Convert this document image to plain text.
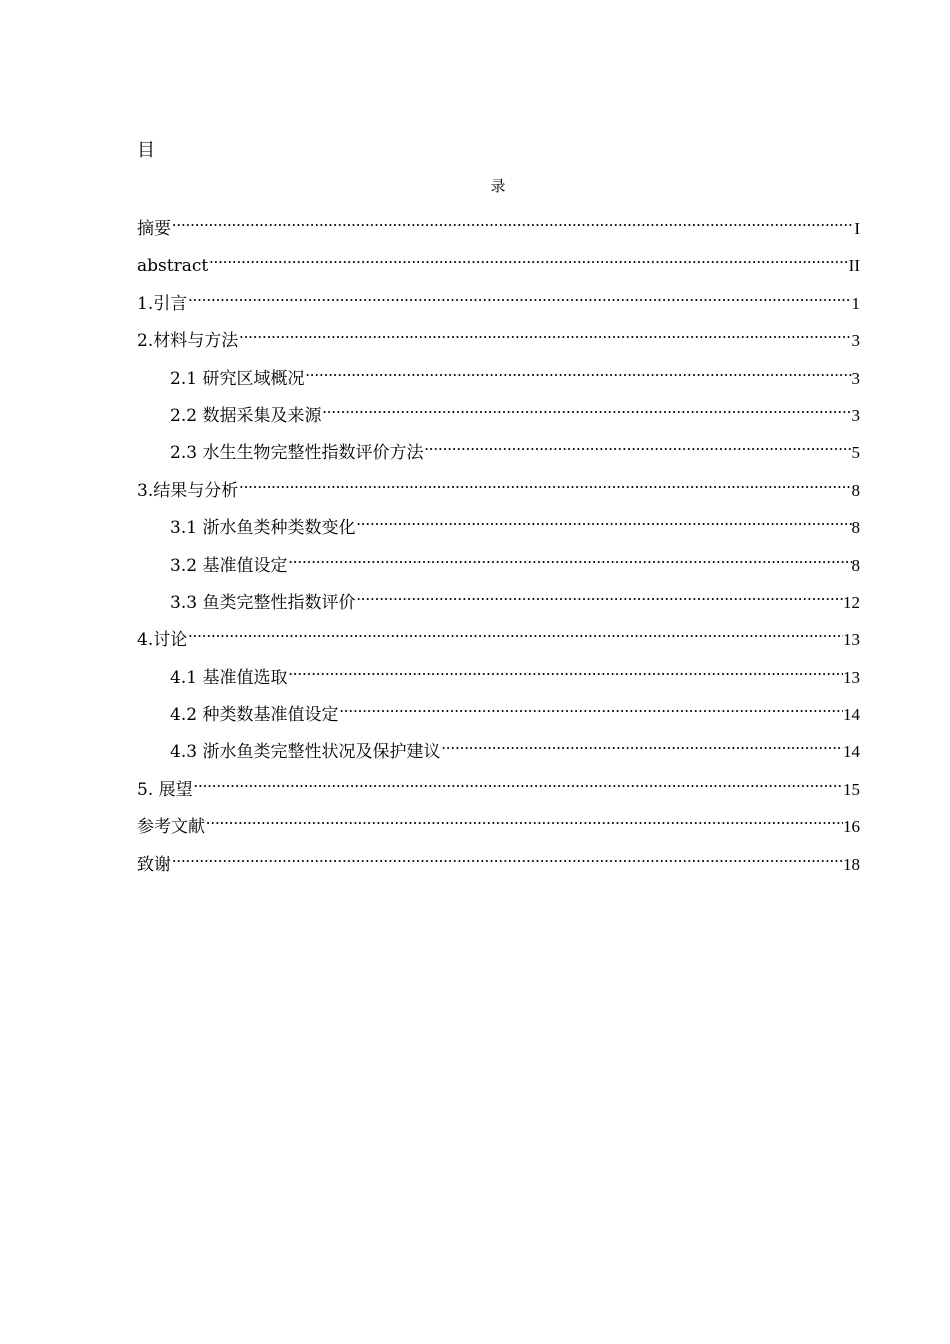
目
录
摘要 .....	I
abstract .....	II
1.引言 .....	1
2.材料与方法 .....	3
2.1 研究区域概况 .....	3
2.2 数据采集及来源 .....	3
2.3 水生生物完整性指数评价方法 .....	5
3.结果与分析 .....	8
3.1 浙水鱼类种类数变化 .....	8
3.2 基准值设定 .....	8
3.3 鱼类完整性指数评价 .....	12
4.讨论 .....	13
4.1 基准值选取 .....	13
4.2 种类数基准值设定 .....	14
4.3 浙水鱼类完整性状况及保护建议 .....	14
5. 展望 .....	15
参考文献 .....	16
致谢 .....	18
